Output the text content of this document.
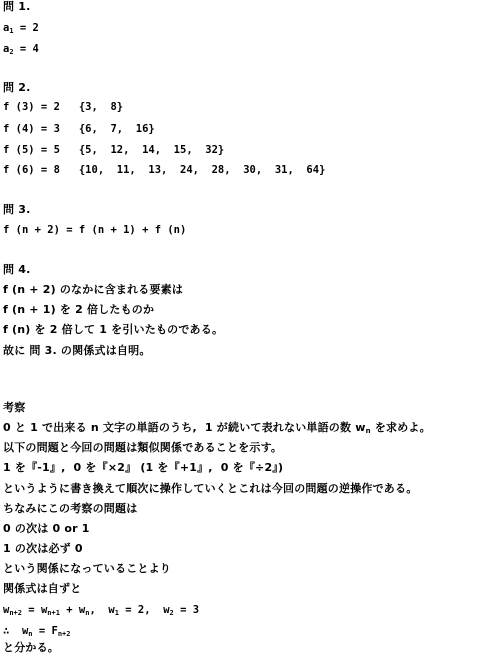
問 1.
$a_1 = 2$
$a_2 = 4$
問 2.
f (3) = 2   {3,  8}
f (4) = 3   {6,  7,  16}
f (5) = 5   {5,  12,  14,  15,  32}
f (6) = 8   {10,  11,  13,  24,  28,  30,  31,  64}
問 3.
f (n + 2) = f (n + 1) + f (n)
問 4.
f (n + 2) のなかに含まれる要素は
f (n + 1) を 2 倍したものか
f (n) を 2 倍して 1 を引いたものである。
故に 問 3. の関係式は自明。
考察
0 と 1 で出来る n 文字の単語のうち,  1 が続いて表れない単語の数 $w_n$ を求めよ。
以下の問題と今回の問題は類似関係であることを示す。
1 を『-1』,  0 を『×2』 (1 を『+1』,  0 を『÷2』)
というように書き換えて順次に操作していくとこれは今回の問題の逆操作である。
ちなみにこの考察の問題は
0 の次は 0 or 1
1 の次は必ず 0
という関係になっていることより
関係式は自ずと
$w_{n+2} = w_{n+1} + w_n$,  $w_1 = 2$,  $w_2 = 3$
∴  $w_n = F_{n+2}$
と分かる。
